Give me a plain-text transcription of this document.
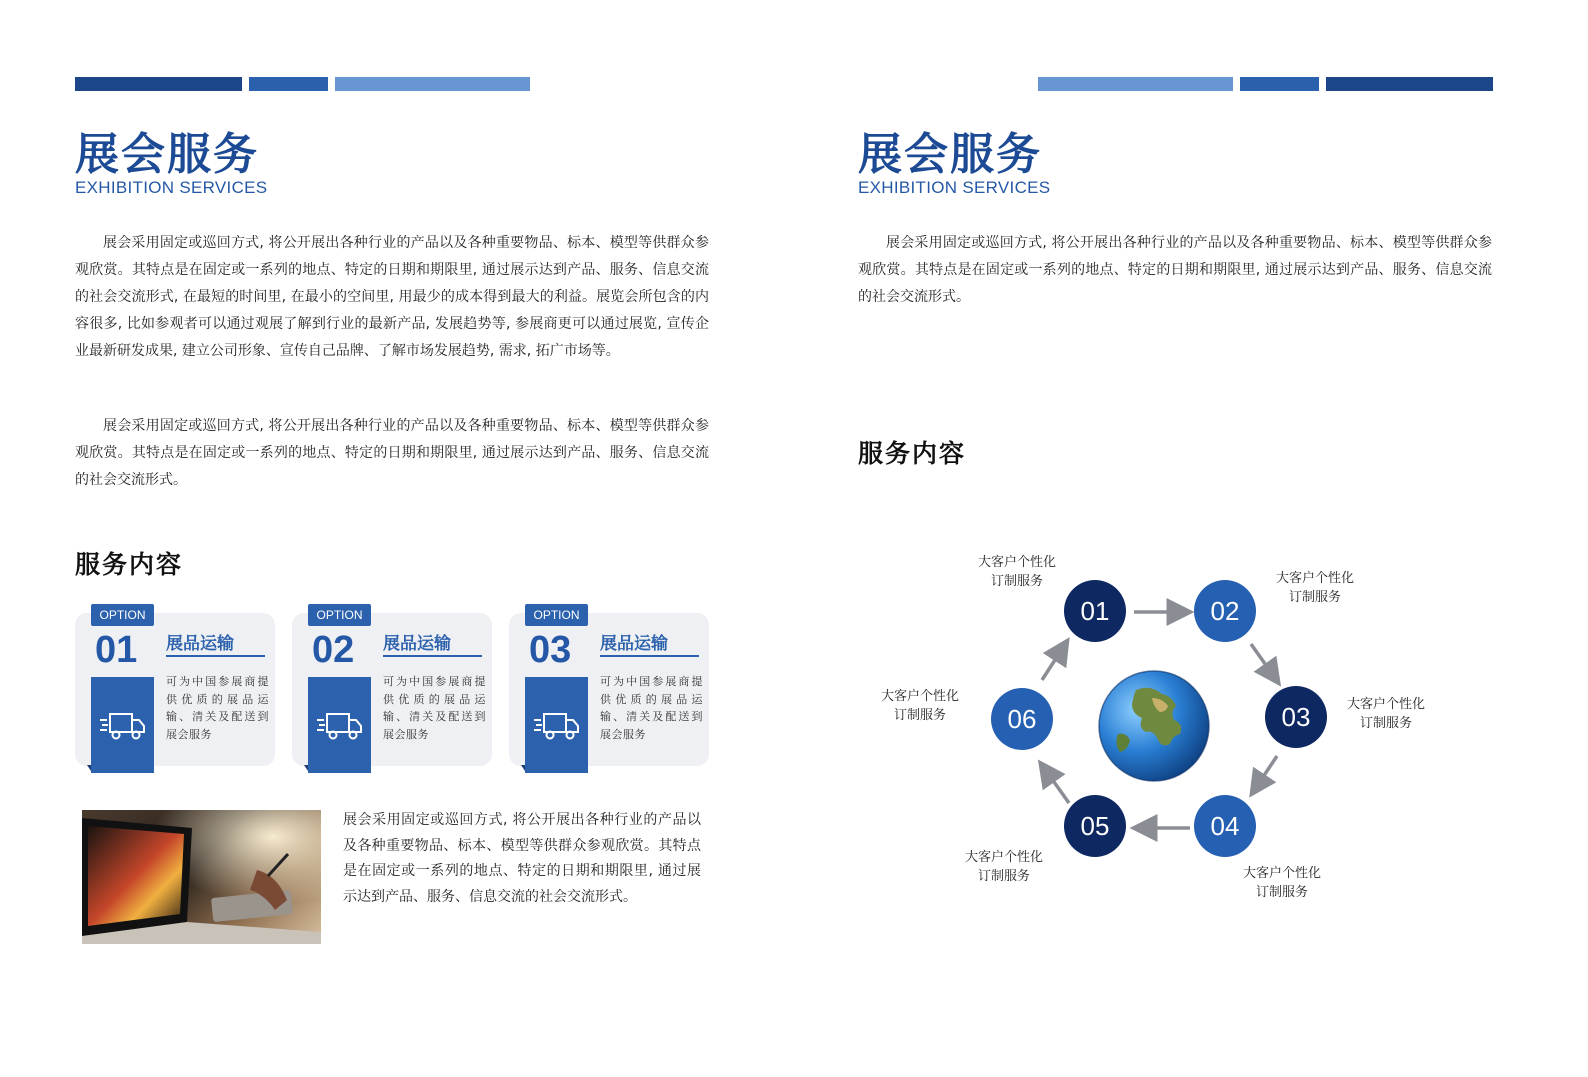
展会服务
EXHIBITION SERVICES

展会采用固定或巡回方式, 将公开展出各种行业的产品以及各种重要物品、标本、模型等供群众参观欣赏。其特点是在固定或一系列的地点、特定的日期和期限里, 通过展示达到产品、服务、信息交流的社会交流形式, 在最短的时间里, 在最小的空间里, 用最少的成本得到最大的利益。展览会所包含的内容很多, 比如参观者可以通过观展了解到行业的最新产品, 发展趋势等, 参展商更可以通过展览, 宣传企业最新研发成果, 建立公司形象、宣传自己品牌、了解市场发展趋势, 需求, 拓广市场等。

展会采用固定或巡回方式, 将公开展出各种行业的产品以及各种重要物品、标本、模型等供群众参观欣赏。其特点是在固定或一系列的地点、特定的日期和期限里, 通过展示达到产品、服务、信息交流的社会交流形式。

服务内容
OPTION
01 展品运输

可为中国参展商提供优质的展品运输、清关及配送到展会服务

OPTION
02 展品运输

可为中国参展商提供优质的展品运输、清关及配送到展会服务

OPTION
03 展品运输

可为中国参展商提供优质的展品运输、清关及配送到展会服务

展会采用固定或巡回方式, 将公开展出各种行业的产品以及各种重要物品、标本、模型等供群众参观欣赏。其特点是在固定或一系列的地点、特定的日期和期限里, 通过展示达到产品、服务、信息交流的社会交流形式。

展会服务
EXHIBITION SERVICES

展会采用固定或巡回方式, 将公开展出各种行业的产品以及各种重要物品、标本、模型等供群众参观欣赏。其特点是在固定或一系列的地点、特定的日期和期限里, 通过展示达到产品、服务、信息交流的社会交流形式。

服务内容
01	02
03
04
05
06
大客户个性化
订制服务	大客户个性化
订制服务
大客户个性化
订制服务
大客户个性化
订制服务
大客户个性化
订制服务
大客户个性化
订制服务
